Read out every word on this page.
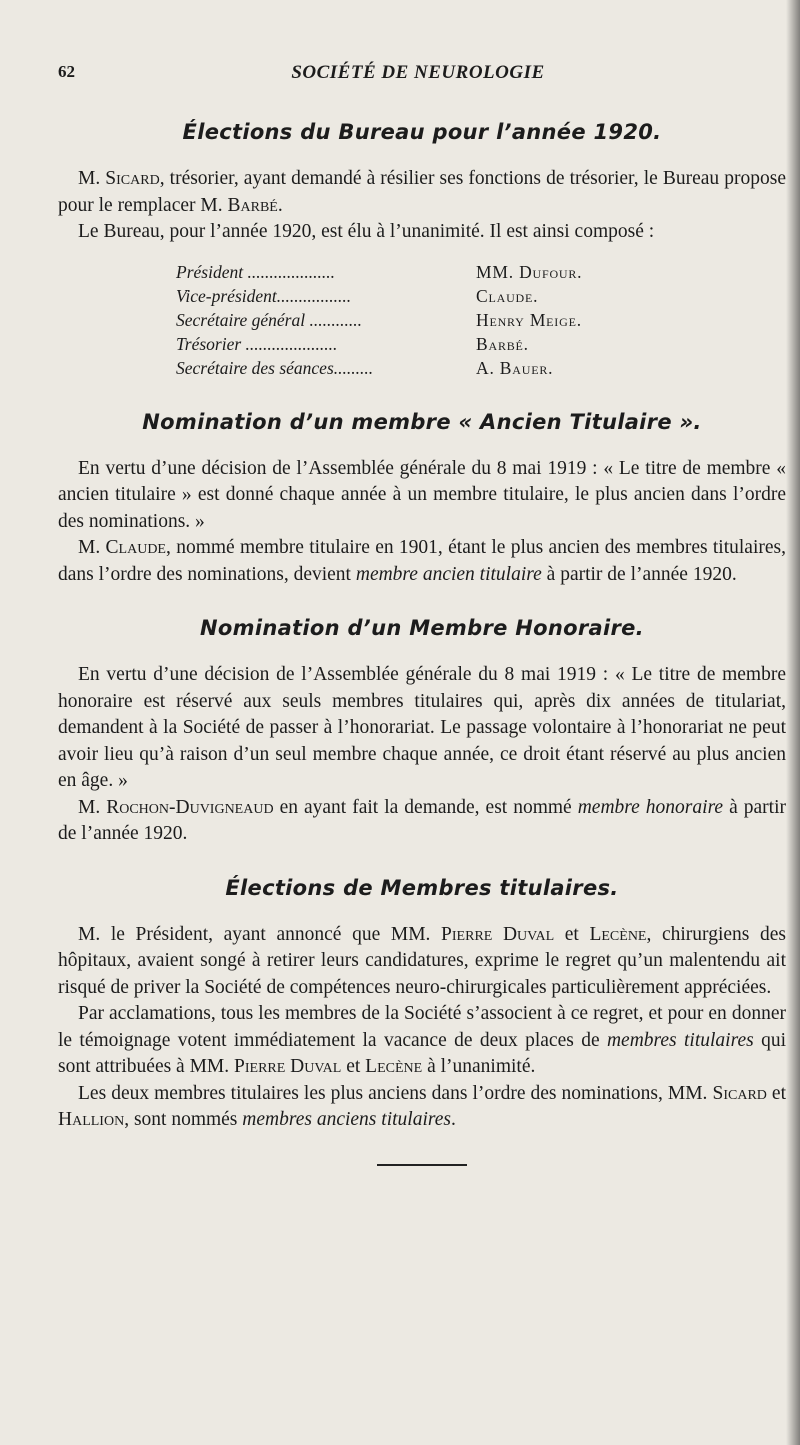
62	SOCIÉTÉ DE NEUROLOGIE
Élections du Bureau pour l’année 1920.

M. Sicard, trésorier, ayant demandé à résilier ses fonctions de trésorier, le Bureau propose pour le remplacer M. Barbé.

Le Bureau, pour l’année 1920, est élu à l’unanimité. Il est ainsi composé :

Président ....................	MM. Dufour.
Vice-président.................	Claude.
Secrétaire général ............	Henry Meige.
Trésorier .....................	Barbé.
Secrétaire des séances.........	A. Bauer.
Nomination d’un membre « Ancien Titulaire ».

En vertu d’une décision de l’Assemblée générale du 8 mai 1919 : « Le titre de membre « ancien titulaire » est donné chaque année à un membre titulaire, le plus ancien dans l’ordre des nominations. »

M. Claude, nommé membre titulaire en 1901, étant le plus ancien des membres titulaires, dans l’ordre des nominations, devient membre ancien titulaire à partir de l’année 1920.

Nomination d’un Membre Honoraire.

En vertu d’une décision de l’Assemblée générale du 8 mai 1919 : « Le titre de membre honoraire est réservé aux seuls membres titulaires qui, après dix années de titulariat, demandent à la Société de passer à l’honorariat. Le passage volontaire à l’honorariat ne peut avoir lieu qu’à raison d’un seul membre chaque année, ce droit étant réservé au plus ancien en âge. »

M. Rochon-Duvigneaud en ayant fait la demande, est nommé membre honoraire à partir de l’année 1920.

Élections de Membres titulaires.

M. le Président, ayant annoncé que MM. Pierre Duval et Lecène, chirurgiens des hôpitaux, avaient songé à retirer leurs candidatures, exprime le regret qu’un malentendu ait risqué de priver la Société de compétences neuro-chirurgicales particulièrement appréciées.

Par acclamations, tous les membres de la Société s’associent à ce regret, et pour en donner le témoignage votent immédiatement la vacance de deux places de membres titulaires qui sont attribuées à MM. Pierre Duval et Lecène à l’unanimité.

Les deux membres titulaires les plus anciens dans l’ordre des nominations, MM. Sicard et Hallion, sont nommés membres anciens titulaires.
